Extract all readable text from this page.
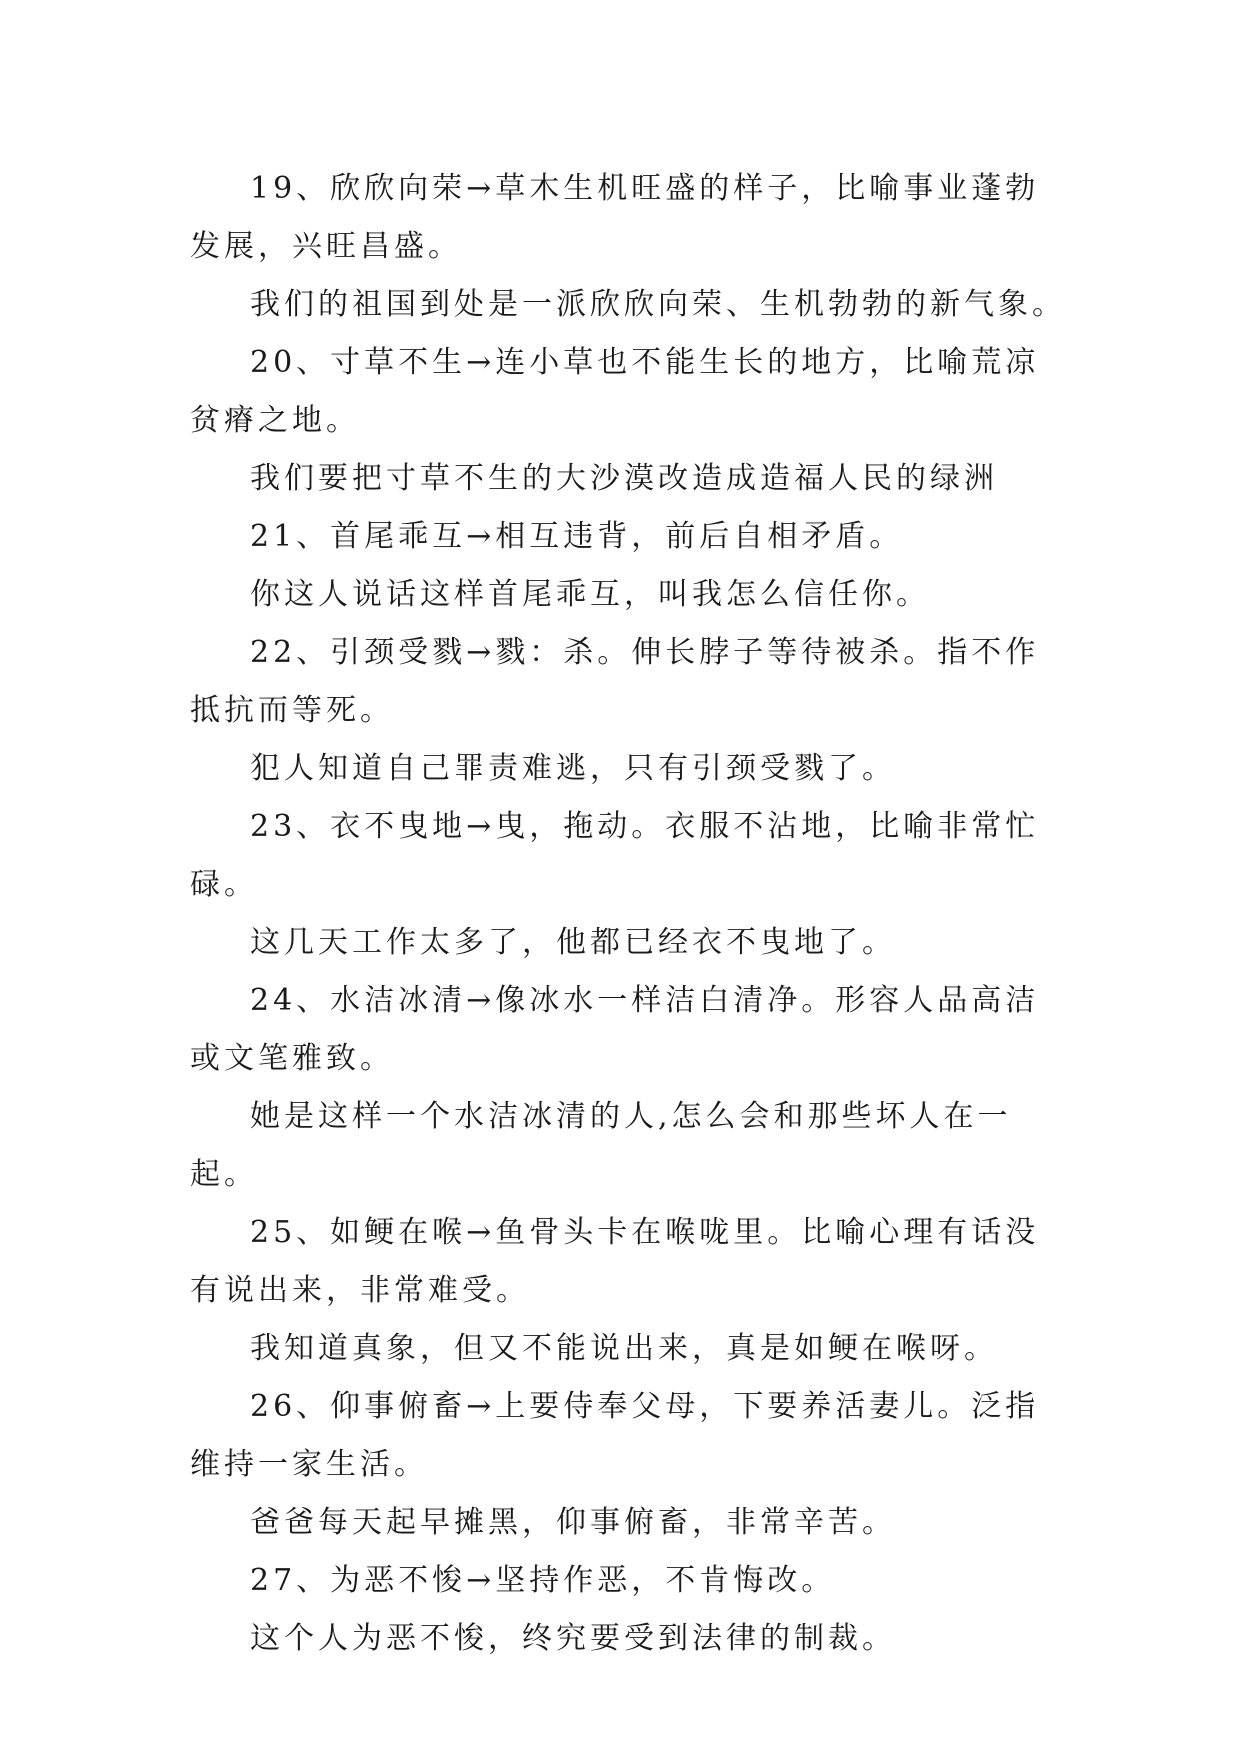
19、欣欣向荣→草木生机旺盛的样子，比喻事业蓬勃发展，兴旺昌盛。

我们的祖国到处是一派欣欣向荣、生机勃勃的新气象。

20、寸草不生→连小草也不能生长的地方，比喻荒凉贫瘠之地。

我们要把寸草不生的大沙漠改造成造福人民的绿洲

21、首尾乖互→相互违背，前后自相矛盾。

你这人说话这样首尾乖互，叫我怎么信任你。

22、引颈受戮→戮：杀。伸长脖子等待被杀。指不作抵抗而等死。

犯人知道自己罪责难逃，只有引颈受戮了。

23、衣不曳地→曳，拖动。衣服不沾地，比喻非常忙碌。

这几天工作太多了，他都已经衣不曳地了。

24、水洁冰清→像冰水一样洁白清净。形容人品高洁或文笔雅致。

她是这样一个水洁冰清的人,怎么会和那些坏人在一起。

25、如鲠在喉→鱼骨头卡在喉咙里。比喻心理有话没有说出来，非常难受。

我知道真象，但又不能说出来，真是如鲠在喉呀。

26、仰事俯畜→上要侍奉父母，下要养活妻儿。泛指维持一家生活。

爸爸每天起早摊黑，仰事俯畜，非常辛苦。

27、为恶不悛→坚持作恶，不肯悔改。

这个人为恶不悛，终究要受到法律的制裁。
